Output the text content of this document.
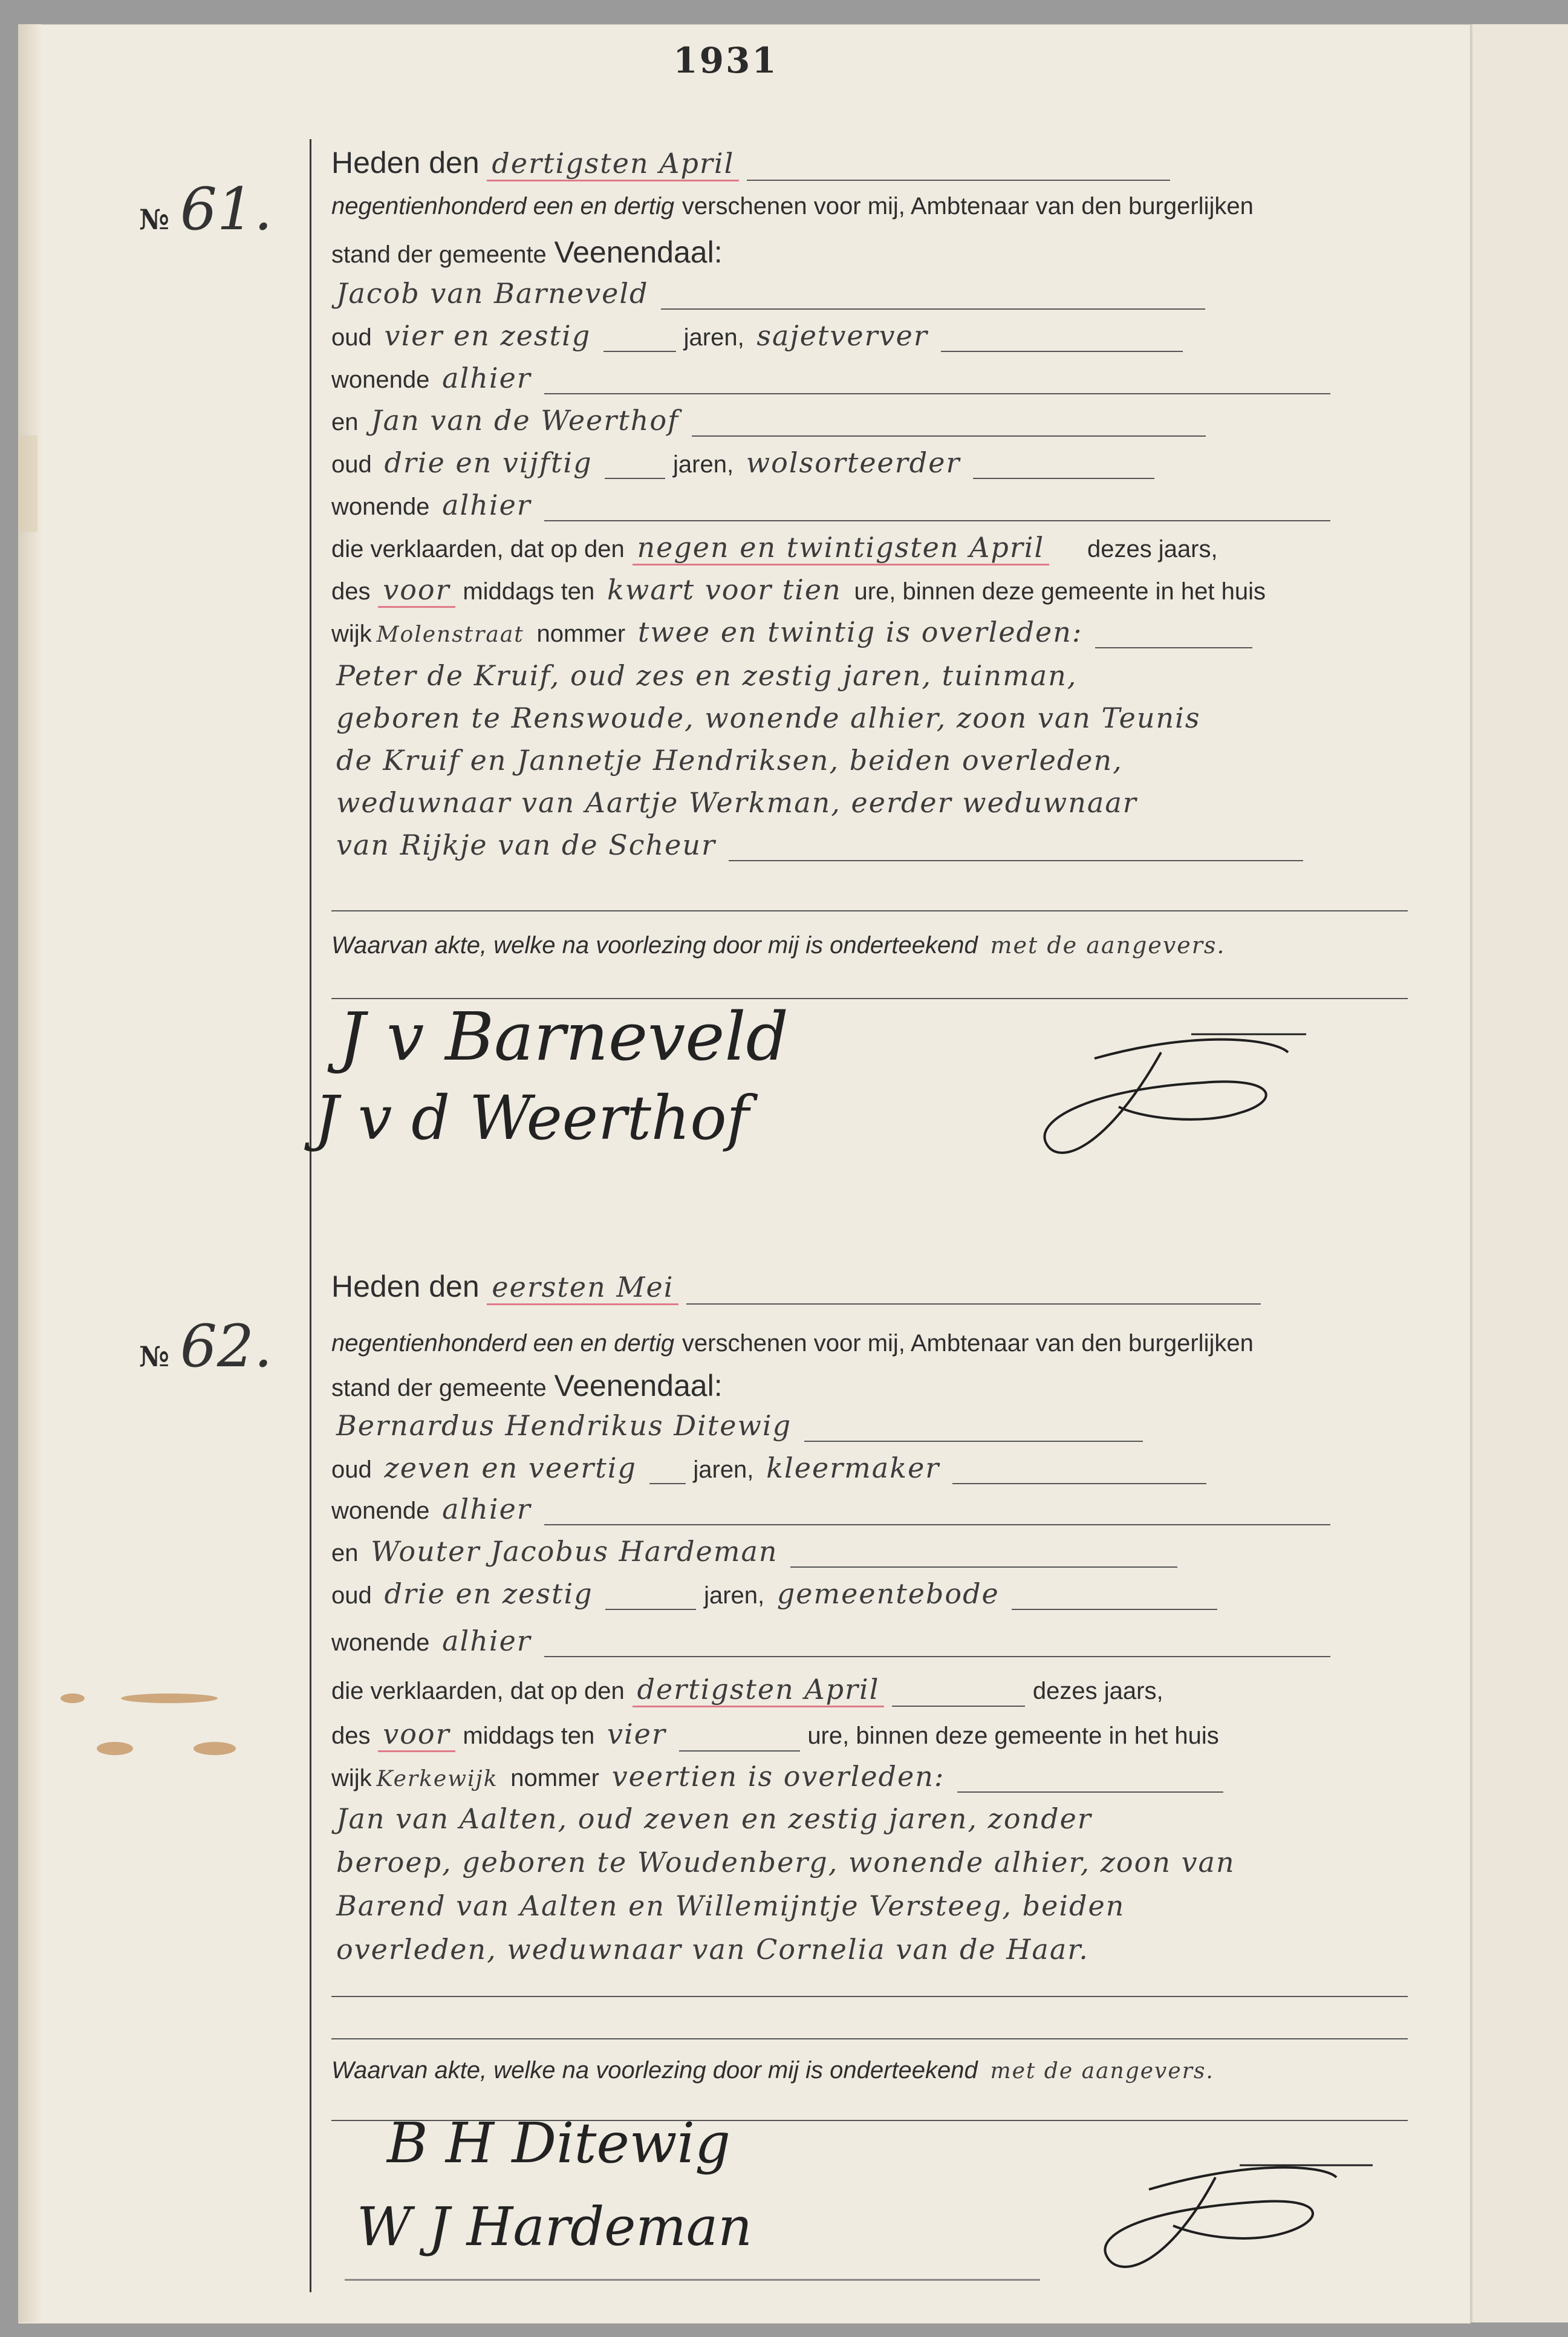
1931
№ 61.
Heden den dertigsten April
negentienhonderd een en dertig verschenen voor mij, Ambtenaar van den burgerlijken
stand der gemeente Veenendaal:
Jacob van Barneveld
oud vier en zestig	jaren, sajetverver
wonende alhier
en Jan van de Weerthof
oud drie en vijftig	jaren, wolsorteerder
wonende alhier
die verklaarden, dat op den negen en twintigsten April dezes jaars,
des voor middags ten kwart voor tien ure, binnen deze gemeente in het huis
wijk Molenstraat nommer twee en twintig is overleden:
Peter de Kruif, oud zes en zestig jaren, tuinman,
geboren te Renswoude, wonende alhier, zoon van Teunis
de Kruif en Jannetje Hendriksen, beiden overleden,
weduwnaar van Aartje Werkman, eerder weduwnaar
van Rijkje van de Scheur
Waarvan akte, welke na voorlezing door mij is onderteekend met de aangevers.
J v Barneveld
J v d Weerthof
№ 62.
Heden den eersten Mei
negentienhonderd een en dertig verschenen voor mij, Ambtenaar van den burgerlijken
stand der gemeente Veenendaal:
Bernardus Hendrikus Ditewig
oud zeven en veertig jaren, kleermaker
wonende alhier
en Wouter Jacobus Hardeman
oud drie en zestig	jaren, gemeentebode
wonende alhier
die verklaarden, dat op den dertigsten April	dezes jaars,
des voor middags ten vier	ure, binnen deze gemeente in het huis
wijk Kerkewijk nommer veertien is overleden:
Jan van Aalten, oud zeven en zestig jaren, zonder
beroep, geboren te Woudenberg, wonende alhier, zoon van
Barend van Aalten en Willemijntje Versteeg, beiden
overleden, weduwnaar van Cornelia van de Haar.
Waarvan akte, welke na voorlezing door mij is onderteekend met de aangevers.
B H Ditewig
W J Hardeman
